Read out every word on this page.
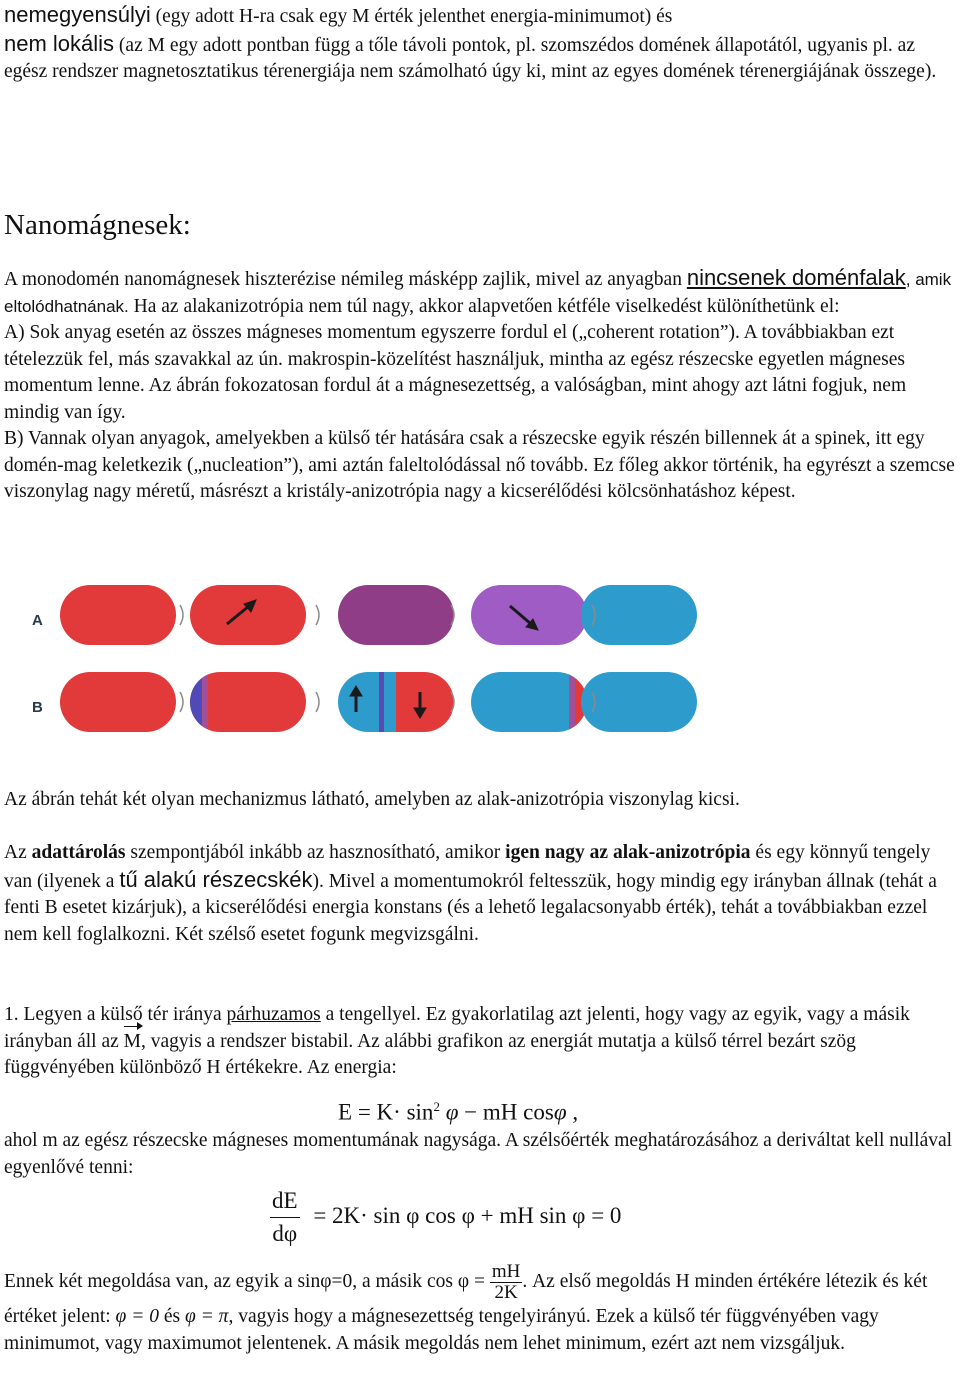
nemegyensúlyi (egy adott H-ra csak egy M érték jelenthet energia-minimumot) és
nem lokális (az M egy adott pontban függ a tőle távoli pontok, pl. szomszédos domének állapotától, ugyanis pl. az egész rendszer magnetosztatikus térenergiája nem számolható úgy ki, mint az egyes domének térenergiájának összege).

Nanomágnesek:

A monodomén nanomágnesek hiszterézise némileg másképp zajlik, mivel az anyagban nincsenek doménfalak, amik eltolódhatnának. Ha az alakanizotrópia nem túl nagy, akkor alapvetően kétféle viselkedést különíthetünk el:

A) Sok anyag esetén az összes mágneses momentum egyszerre fordul el („coherent rotation”). A továbbiakban ezt tételezzük fel, más szavakkal az ún. makrospin-közelítést használjuk, mintha az egész részecske egyetlen mágneses momentum lenne. Az ábrán fokozatosan fordul át a mágnesezettség, a valóságban, mint ahogy azt látni fogjuk, nem mindig van így.

B) Vannak olyan anyagok, amelyekben a külső tér hatására csak a részecske egyik részén billennek át a spinek, itt egy domén-mag keletkezik („nucleation”), ami aztán faleltolódással nő tovább. Ez főleg akkor történik, ha egyrészt a szemcse viszonylag nagy méretű, másrészt a kristály-anizotrópia nagy a kicserélődési kölcsönhatáshoz képest.

A
B

Az ábrán tehát két olyan mechanizmus látható, amelyben az alak-anizotrópia viszonylag kicsi.

Az adattárolás szempontjából inkább az hasznosítható, amikor igen nagy az alak-anizotrópia és egy könnyű tengely van (ilyenek a tű alakú részecskék). Mivel a momentumokról feltesszük, hogy mindig egy irányban állnak (tehát a fenti B esetet kizárjuk), a kicserélődési energia konstans (és a lehető legalacsonyabb érték), tehát a továbbiakban ezzel nem kell foglalkozni. Két szélső esetet fogunk megvizsgálni.

1. Legyen a külső tér iránya párhuzamos a tengellyel. Ez gyakorlatilag azt jelenti, hogy vagy az egyik, vagy a másik irányban áll az M, vagyis a rendszer bistabil. Az alábbi grafikon az energiát mutatja a külső térrel bezárt szög függvényében különböző H értékekre. Az energia:

$E = K\cdot \sin^2 \varphi$ − mH cosφ ,

ahol m az egész részecske mágneses momentumának nagysága. A szélsőérték meghatározásához a deriváltat kell nullával egyenlővé tenni:

$\frac{dE}{d\varphi} = 2K\cdot \sin \varphi$ cos φ + mH sin φ = 0

Ennek két megoldása van, az egyik a sinφ=0, a másik $\cos \varphi = \frac{mH}{2K}$ . Az első megoldás H minden értékére létezik és két értéket jelent: φ = 0 és φ = π, vagyis hogy a mágnesezettség tengelyirányú. Ezek a külső tér függvényében vagy minimumot, vagy maximumot jelentenek. A másik megoldás nem lehet minimum, ezért azt nem vizsgáljuk.
